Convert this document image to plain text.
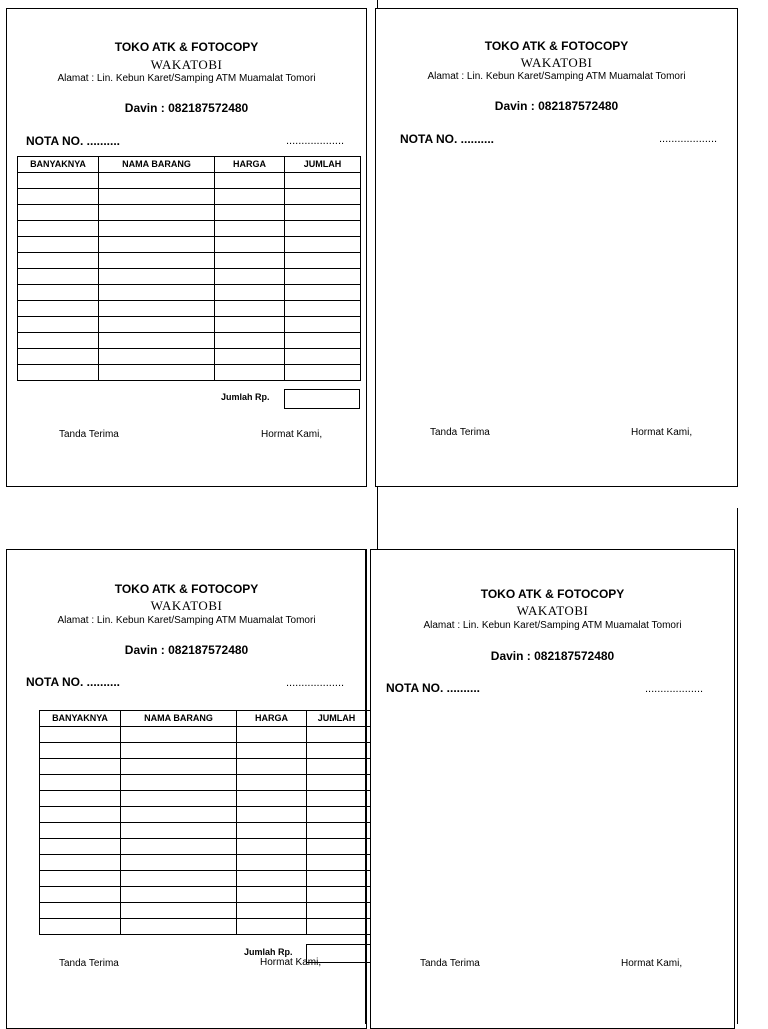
TOKO ATK & FOTOCOPY
WAKATOBI
Alamat : Lin. Kebun Karet/Samping ATM Muamalat Tomori
Davin : 082187572480
NOTA NO. ..........	...................
BANYAKNYA	NAMA BARANG	HARGA	JUMLAH

Jumlah Rp.
Tanda Terima	Hormat Kami,
TOKO ATK & FOTOCOPY
WAKATOBI
Alamat : Lin. Kebun Karet/Samping ATM Muamalat Tomori
Davin : 082187572480
NOTA NO. ..........	...................
Tanda Terima	Hormat Kami,
TOKO ATK & FOTOCOPY
WAKATOBI
Alamat : Lin. Kebun Karet/Samping ATM Muamalat Tomori
Davin : 082187572480
NOTA NO. ..........	...................
Tanda Terima
BANYAKNYA	NAMA BARANG	HARGA	JUMLAH	

Jumlah Rp.
Hormat Kami,
TOKO ATK & FOTOCOPY
WAKATOBI
Alamat : Lin. Kebun Karet/Samping ATM Muamalat Tomori
Davin : 082187572480
NOTA NO. ..........	...................
Tanda Terima	Hormat Kami,
